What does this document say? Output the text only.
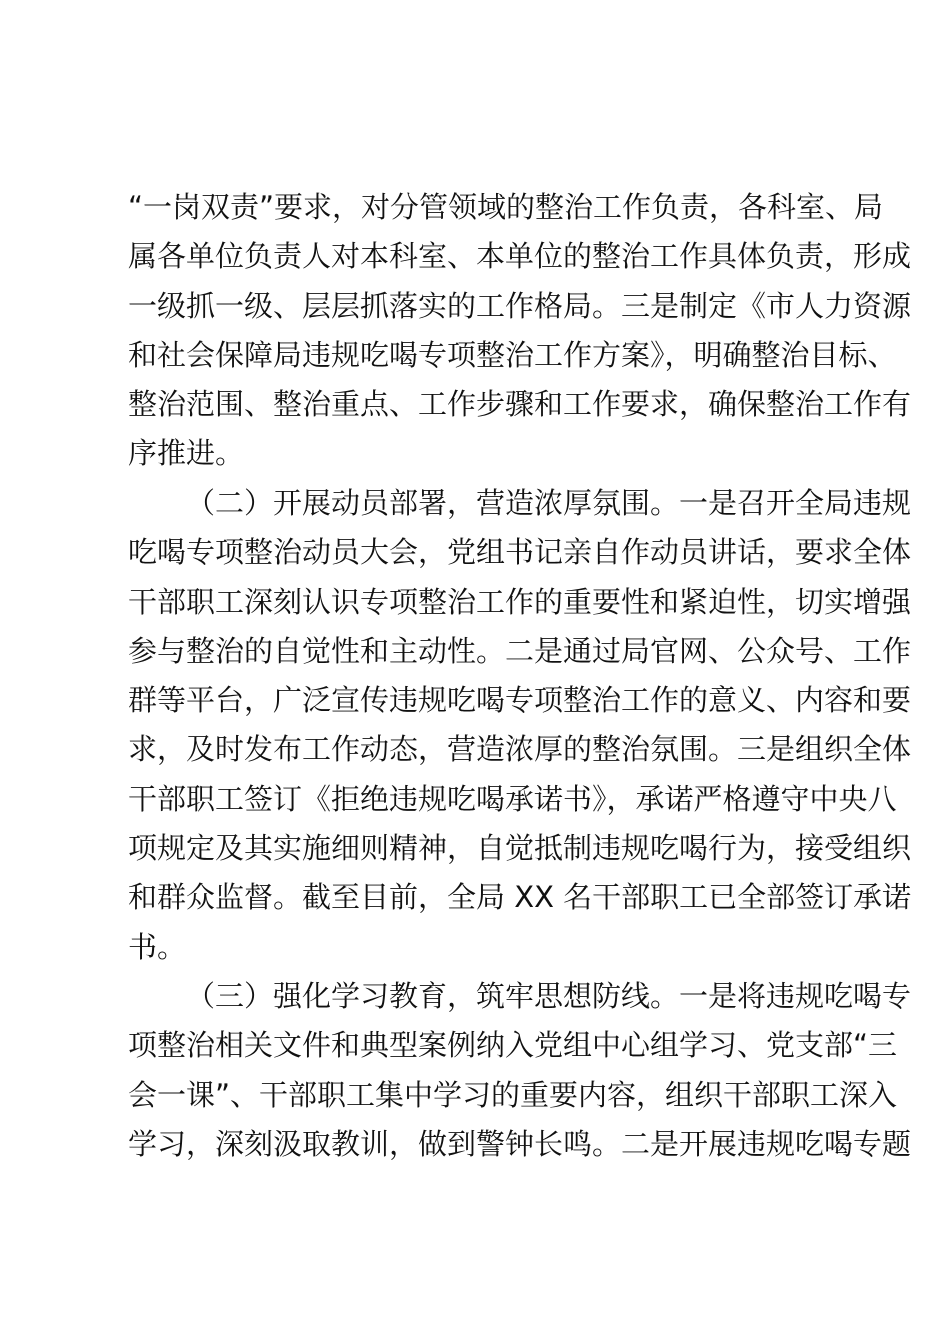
“一岗双责”要求，对分管领域的整治工作负责，各科室、局
属各单位负责人对本科室、本单位的整治工作具体负责，形成
一级抓一级、层层抓落实的工作格局。三是制定《市人力资源
和社会保障局违规吃喝专项整治工作方案》，明确整治目标、
整治范围、整治重点、工作步骤和工作要求，确保整治工作有
序推进。
（二）开展动员部署，营造浓厚氛围。一是召开全局违规
吃喝专项整治动员大会，党组书记亲自作动员讲话，要求全体
干部职工深刻认识专项整治工作的重要性和紧迫性，切实增强
参与整治的自觉性和主动性。二是通过局官网、公众号、工作
群等平台，广泛宣传违规吃喝专项整治工作的意义、内容和要
求，及时发布工作动态，营造浓厚的整治氛围。三是组织全体
干部职工签订《拒绝违规吃喝承诺书》，承诺严格遵守中央八
项规定及其实施细则精神，自觉抵制违规吃喝行为，接受组织
和群众监督。截至目前，全局 XX 名干部职工已全部签订承诺
书。
（三）强化学习教育，筑牢思想防线。一是将违规吃喝专
项整治相关文件和典型案例纳入党组中心组学习、党支部“三
会一课”、干部职工集中学习的重要内容，组织干部职工深入
学习，深刻汲取教训，做到警钟长鸣。二是开展违规吃喝专题
